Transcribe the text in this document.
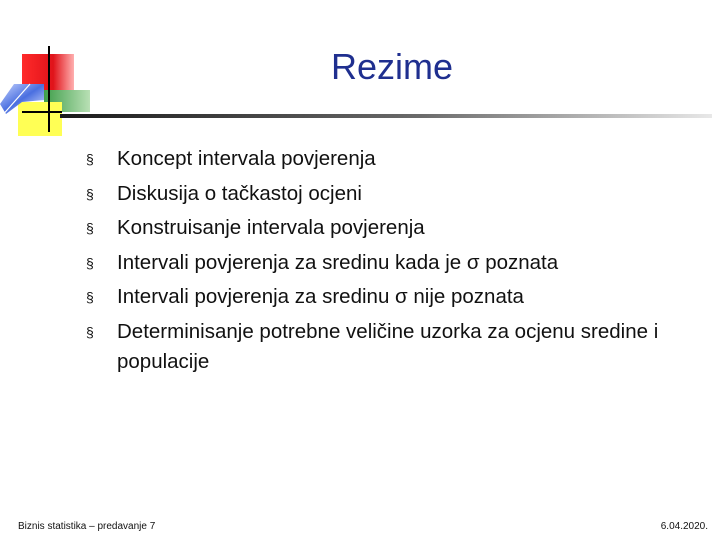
Rezime
§	Koncept intervala povjerenja
§	Diskusija o tačkastoj ocjeni
§	Konstruisanje intervala povjerenja
§	Intervali povjerenja za sredinu kada je σ poznata
§	Intervali povjerenja za sredinu σ nije poznata
§	Determinisanje potrebne veličine uzorka za ocjenu sredine i populacije
Biznis statistika – predavanje 7	6.04.2020.
